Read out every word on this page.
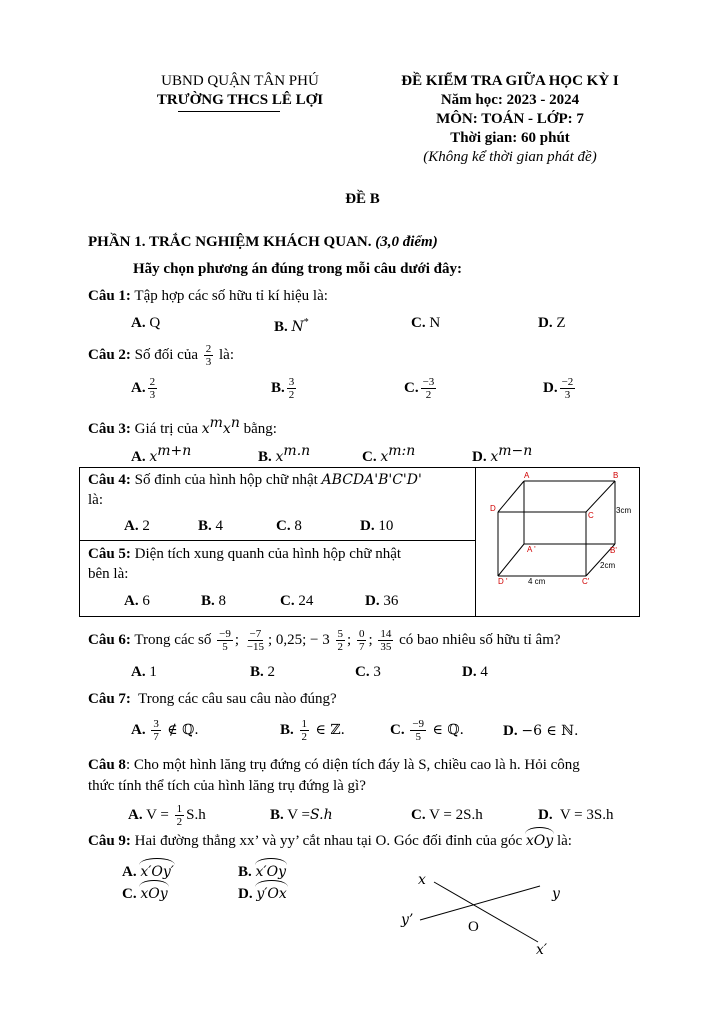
UBND QUẬN TÂN PHÚ
TRƯỜNG THCS LÊ LỢI
ĐỀ KIỂM TRA GIỮA HỌC KỲ I
Năm học: 2023 - 2024
MÔN: TOÁN - LỚP: 7
Thời gian: 60 phút
(Không kể thời gian phát đề)
ĐỀ B
PHẦN 1. TRẮC NGHIỆM KHÁCH QUAN. (3,0 điểm)
Hãy chọn phương án đúng trong mỗi câu dưới đây:
Câu 1: Tập hợp các số hữu tỉ kí hiệu là:
A. Q	B. N*	C. N	D. Z
Câu 2: Số đối của $\frac{2}{3}$ là:
A. $\frac{2}{3}$	B. $\frac{3}{2}$	C. $\frac{-3}{2}$	D. $\frac{-2}{3}$
Câu 3: Giá trị của $x^mx^n$ bằng:
A. $x^{m+n}$	B. $x^{m.n}$	C. $x^{m:n}$	D. $x^{m-n}$
Câu 4: Số đỉnh của hình hộp chữ nhật ABCDA'B'C'D'
là:
A. 2	B. 4	C. 8	D. 10
Câu 5: Diện tích xung quanh của hình hộp chữ nhật
bên là:
A. 6	B. 8	C. 24	D. 36
A	B
C
D
A '	B'
C'
D '
3cm
2cm
4 cm
Câu 6: Trong các số $\frac{-9}{5}$ ; $\frac{-7}{-15}$ ; 0,25; − $3 \frac{5}{2}$ ; $\frac{0}{7}$ ; $\frac{14}{35}$ có bao nhiêu số hữu tỉ âm?
A. 1	B. 2	C. 3	D. 4
Câu 7: Trong các câu sau câu nào đúng?
A. $\frac{3}{7}$ ∉ ℚ.	B. $\frac{1}{2}$ ∈ ℤ.	C. $\frac{-9}{5}$ ∈ ℚ.	D. −6 ∈ ℕ.
Câu 8: Cho một hình lăng trụ đứng có diện tích đáy là S, chiều cao là h. Hỏi công
thức tính thể tích của hình lăng trụ đứng là gì?
A. $V = \frac{1}{2} S.h$	B. V =S.h	C. V = 2S.h	D. V = 3S.h
Câu 9: Hai đường thẳng xx’ và yy’ cắt nhau tại O. Góc đối đỉnh của góc xOy là:
A. x′Oy′	B. x′Oy
C. xOy	D. y′Ox
x
y
y’
x′
O
